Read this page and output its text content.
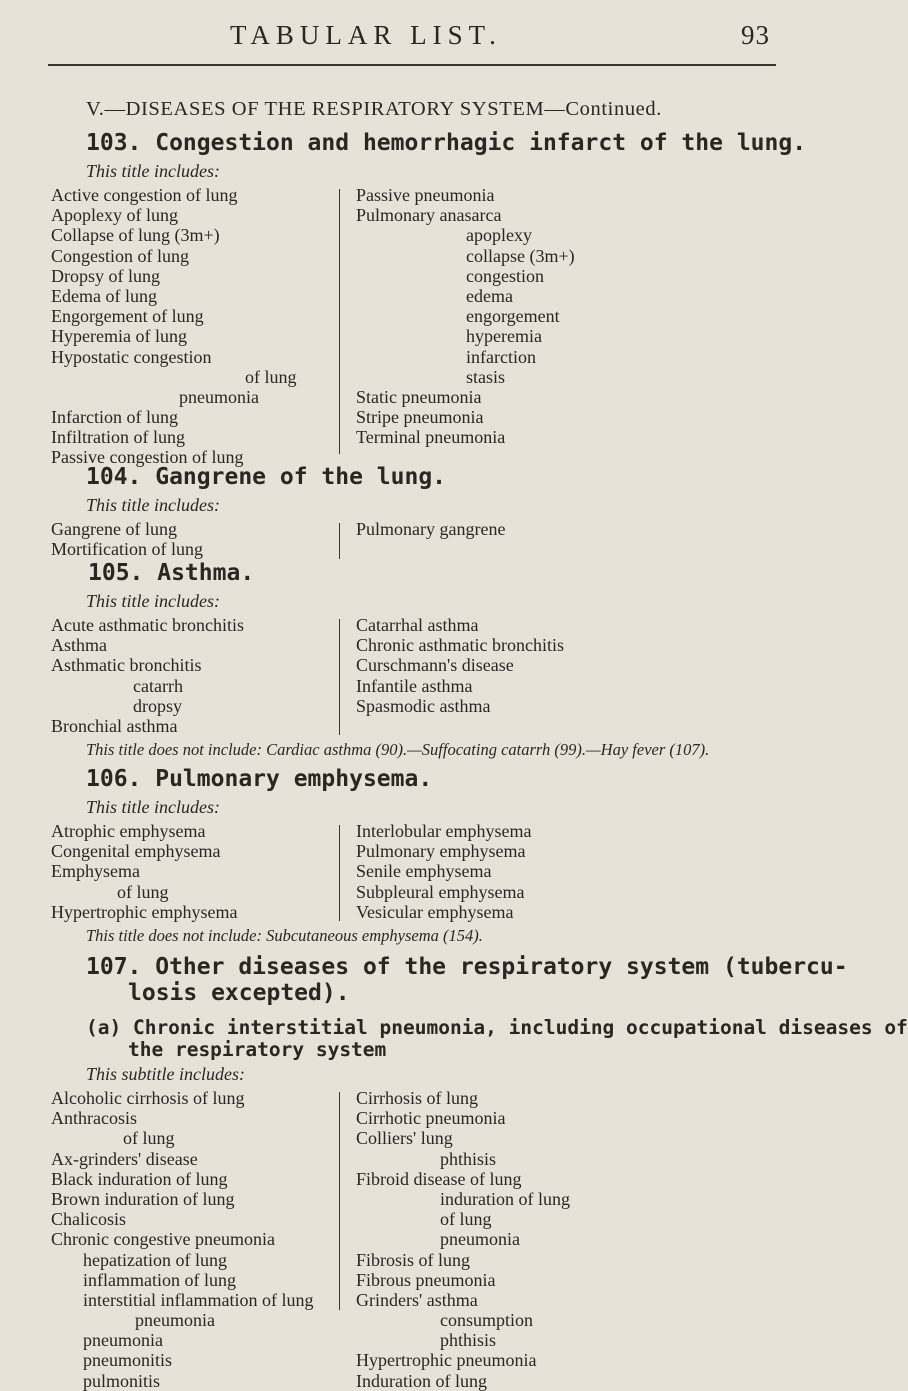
TABULAR LIST.	93
V.—DISEASES OF THE RESPIRATORY SYSTEM—Continued.
103. Congestion and hemorrhagic infarct of the lung.
This title includes:
Active congestion of lung
Apoplexy of lung
Collapse of lung (3m+)
Congestion of lung
Dropsy of lung
Edema of lung
Engorgement of lung
Hyperemia of lung
Hypostatic congestion
of lung
pneumonia
Infarction of lung
Infiltration of lung
Passive congestion of lung
Passive pneumonia
Pulmonary anasarca
apoplexy
collapse (3m+)
congestion
edema
engorgement
hyperemia
infarction
stasis
Static pneumonia
Stripe pneumonia
Terminal pneumonia
104. Gangrene of the lung.
This title includes:
Gangrene of lung
Mortification of lung
Pulmonary gangrene
105. Asthma.
This title includes:
Acute asthmatic bronchitis
Asthma
Asthmatic bronchitis
catarrh
dropsy
Bronchial asthma
Catarrhal asthma
Chronic asthmatic bronchitis
Curschmann's disease
Infantile asthma
Spasmodic asthma
This title does not include: Cardiac asthma (90).—Suffocating catarrh (99).—Hay fever (107).
106. Pulmonary emphysema.
This title includes:
Atrophic emphysema
Congenital emphysema
Emphysema
of lung
Hypertrophic emphysema
Interlobular emphysema
Pulmonary emphysema
Senile emphysema
Subpleural emphysema
Vesicular emphysema
This title does not include: Subcutaneous emphysema (154).
107. Other diseases of the respiratory system (tubercu-
losis excepted).
(a) Chronic interstitial pneumonia, including occupational diseases of
the respiratory system
This subtitle includes:
Alcoholic cirrhosis of lung
Anthracosis
of lung
Ax-grinders' disease
Black induration of lung
Brown induration of lung
Chalicosis
Chronic congestive pneumonia
hepatization of lung
inflammation of lung
interstitial inflammation of lung
pneumonia
pneumonia
pneumonitis
pulmonitis
Cirrhosis of lung
Cirrhotic pneumonia
Colliers' lung
phthisis
Fibroid disease of lung
induration of lung
of lung
pneumonia
Fibrosis of lung
Fibrous pneumonia
Grinders' asthma
consumption
phthisis
Hypertrophic pneumonia
Induration of lung
